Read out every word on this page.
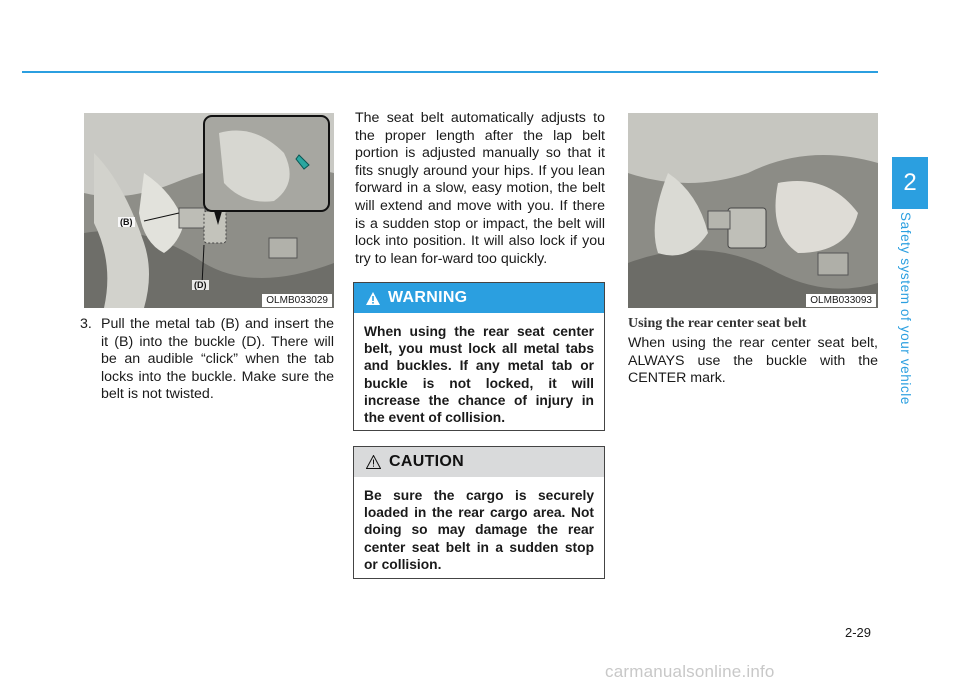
2
Safety system of your vehicle
(B)
(D)
OLMB033029
3. Pull the metal tab (B) and insert the it (B) into the buckle (D). There will be an audible “click” when the tab locks into the buckle. Make sure the belt is not twisted.
The seat belt automatically adjusts to the proper length after the lap belt portion is adjusted manually so that it fits snugly around your hips. If you lean forward in a slow, easy motion, the belt will extend and move with you. If there is a sudden stop or impact, the belt will lock into position. It will also lock if you try to lean for-ward too quickly.
WARNING
When using the rear seat center belt, you must lock all metal tabs and buckles. If any metal tab or buckle is not locked, it will increase the chance of injury in the event of collision.
CAUTION
Be sure the cargo is securely loaded in the rear cargo area. Not doing so may damage the rear center seat belt in a sudden stop or collision.
OLMB033093
Using the rear center seat belt
When using the rear center seat belt, ALWAYS use the buckle with the CENTER mark.
2-29
carmanualsonline.info
